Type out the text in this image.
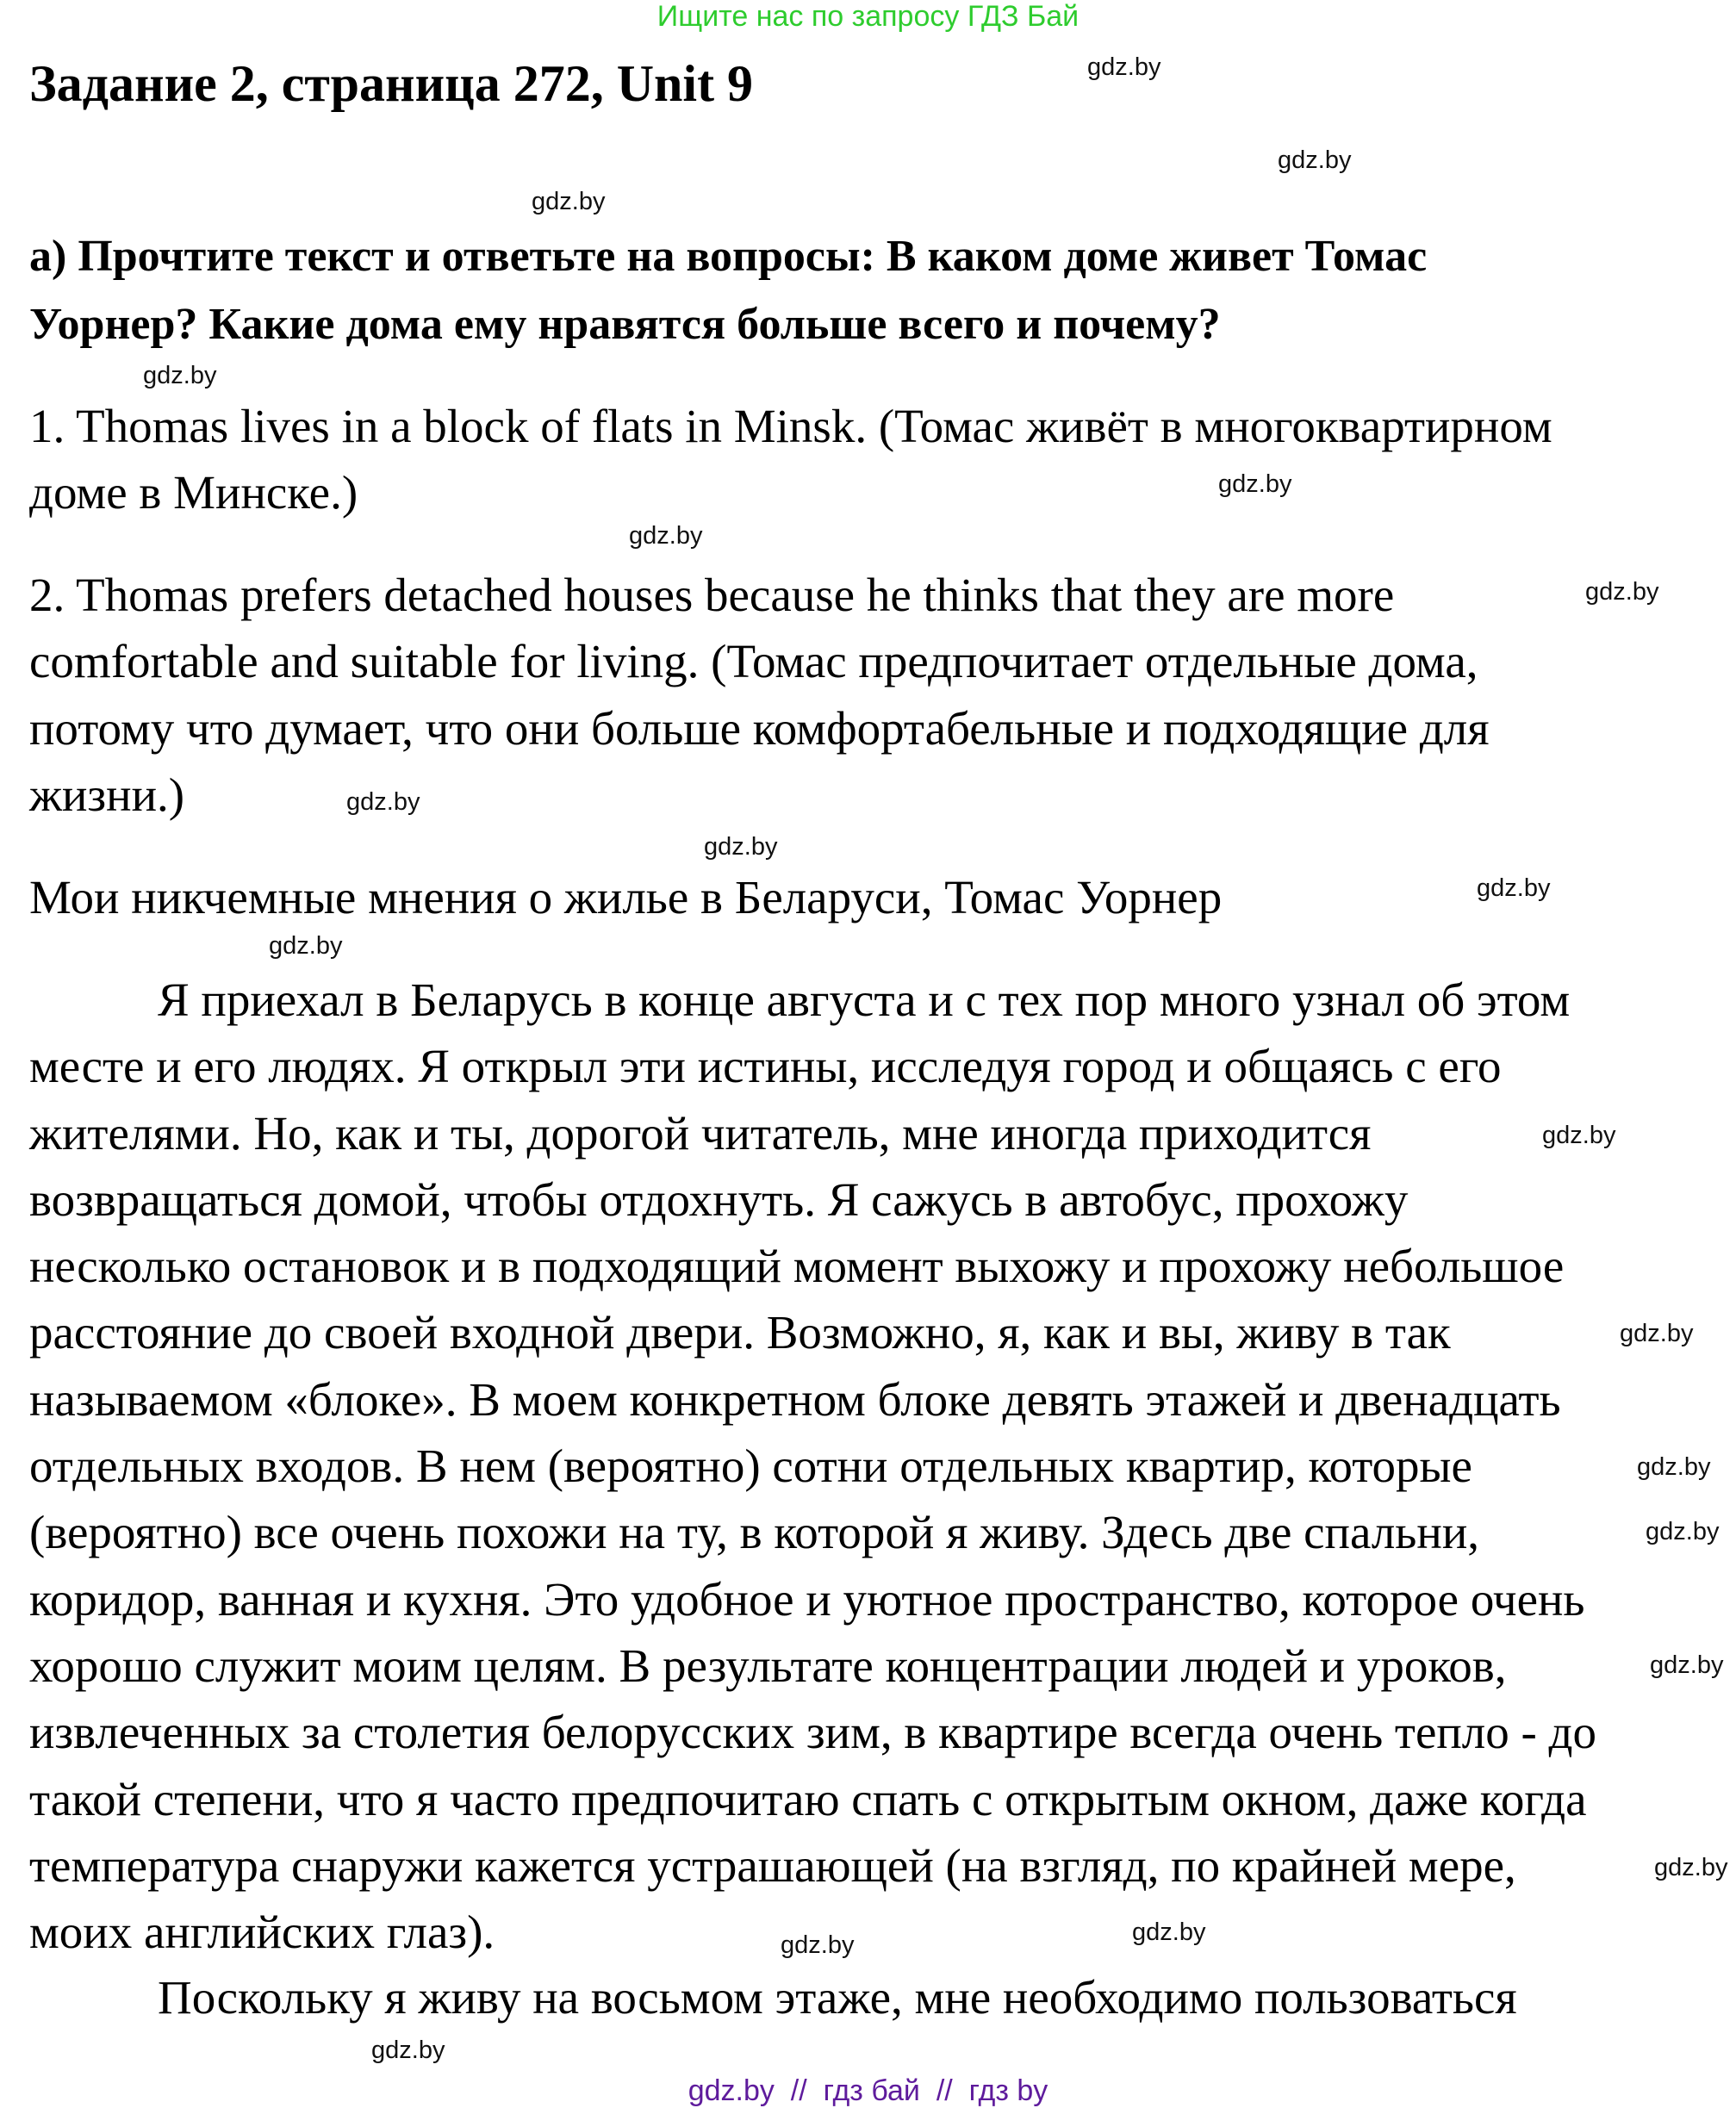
Ищите нас по запросу ГДЗ Бай
Задание 2, страница 272, Unit 9
а) Прочтите текст и ответьте на вопросы: В каком доме живет Томас
Уорнер? Какие дома ему нравятся больше всего и почему?
1. Thomas lives in a block of flats in Minsk. (Томас живёт в многоквартирном
доме в Минске.)
2. Thomas prefers detached houses because he thinks that they are more
comfortable and suitable for living. (Томас предпочитает отдельные дома,
потому что думает, что они больше комфортабельные и подходящие для
жизни.)
Мои никчемные мнения о жилье в Беларуси, Томас Уорнер
Я приехал в Беларусь в конце августа и с тех пор много узнал об этом
месте и его людях. Я открыл эти истины, исследуя город и общаясь с его
жителями. Но, как и ты, дорогой читатель, мне иногда приходится
возвращаться домой, чтобы отдохнуть. Я сажусь в автобус, прохожу
несколько остановок и в подходящий момент выхожу и прохожу небольшое
расстояние до своей входной двери. Возможно, я, как и вы, живу в так
называемом «блоке». В моем конкретном блоке девять этажей и двенадцать
отдельных входов. В нем (вероятно) сотни отдельных квартир, которые
(вероятно) все очень похожи на ту, в которой я живу. Здесь две спальни,
коридор, ванная и кухня. Это удобное и уютное пространство, которое очень
хорошо служит моим целям. В результате концентрации людей и уроков,
извлеченных за столетия белорусских зим, в квартире всегда очень тепло - до
такой степени, что я часто предпочитаю спать с открытым окном, даже когда
температура снаружи кажется устрашающей (на взгляд, по крайней мере,
моих английских глаз).
Поскольку я живу на восьмом этаже, мне необходимо пользоваться
gdz.by
gdz.by
gdz.by
gdz.by
gdz.by
gdz.by
gdz.by
gdz.by
gdz.by
gdz.by
gdz.by
gdz.by
gdz.by
gdz.by
gdz.by
gdz.by
gdz.by
gdz.by
gdz.by
gdz.by
gdz.by  //  гдз бай  //  гдз by
